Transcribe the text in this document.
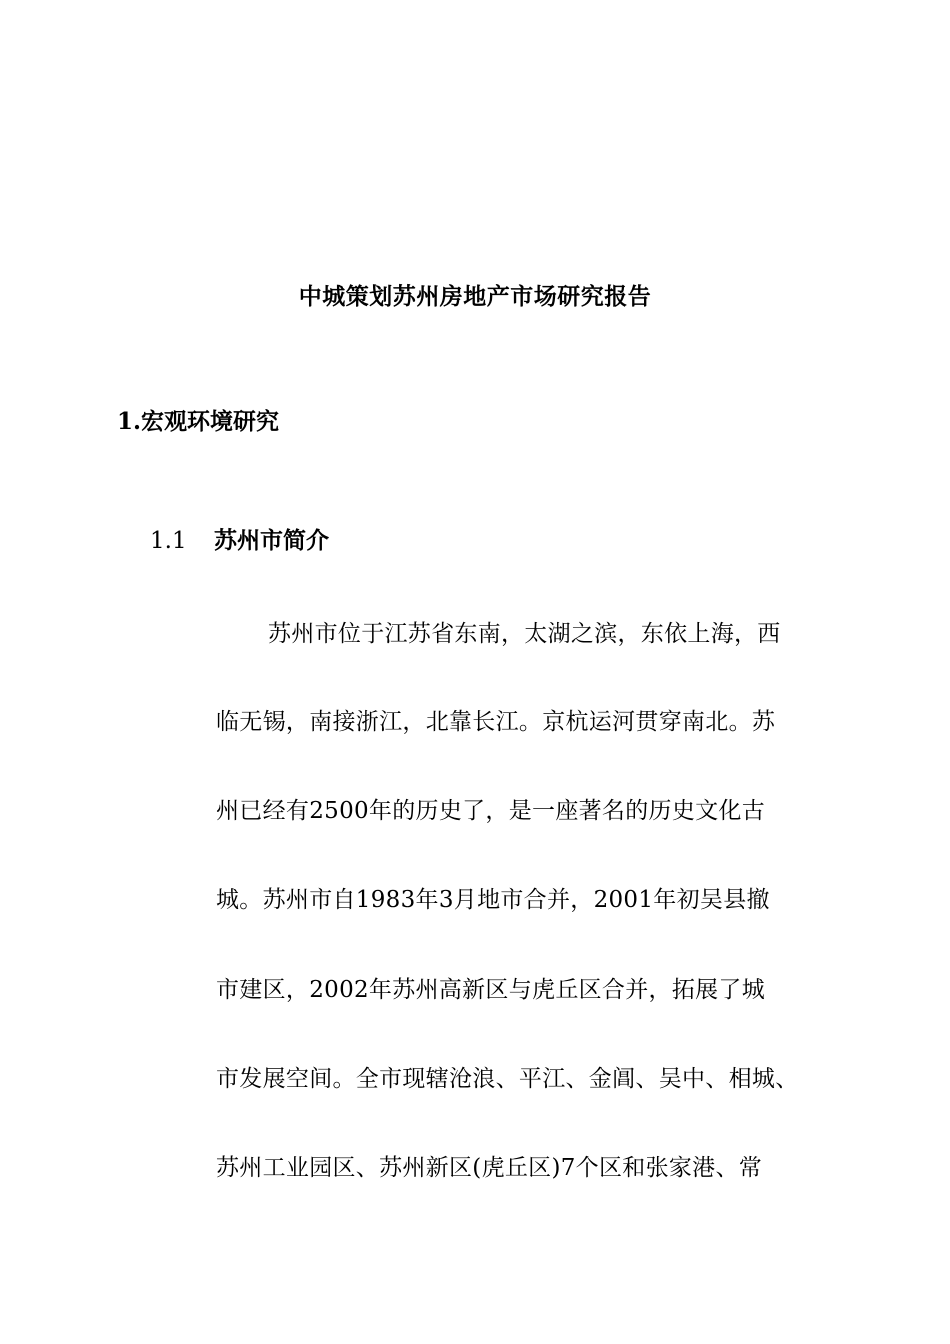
中城策划苏州房地产市场研究报告
1.宏观环境研究
1.1 苏州市简介
苏州市位于江苏省东南，太湖之滨，东依上海，西
临无锡，南接浙江，北靠长江。京杭运河贯穿南北。苏
州已经有2500年的历史了，是一座著名的历史文化古
城。苏州市自1983年3月地市合并，2001年初吴县撤
市建区，2002年苏州高新区与虎丘区合并，拓展了城
市发展空间。全市现辖沧浪、平江、金阊、吴中、相城、
苏州工业园区、苏州新区(虎丘区)7个区和张家港、常
